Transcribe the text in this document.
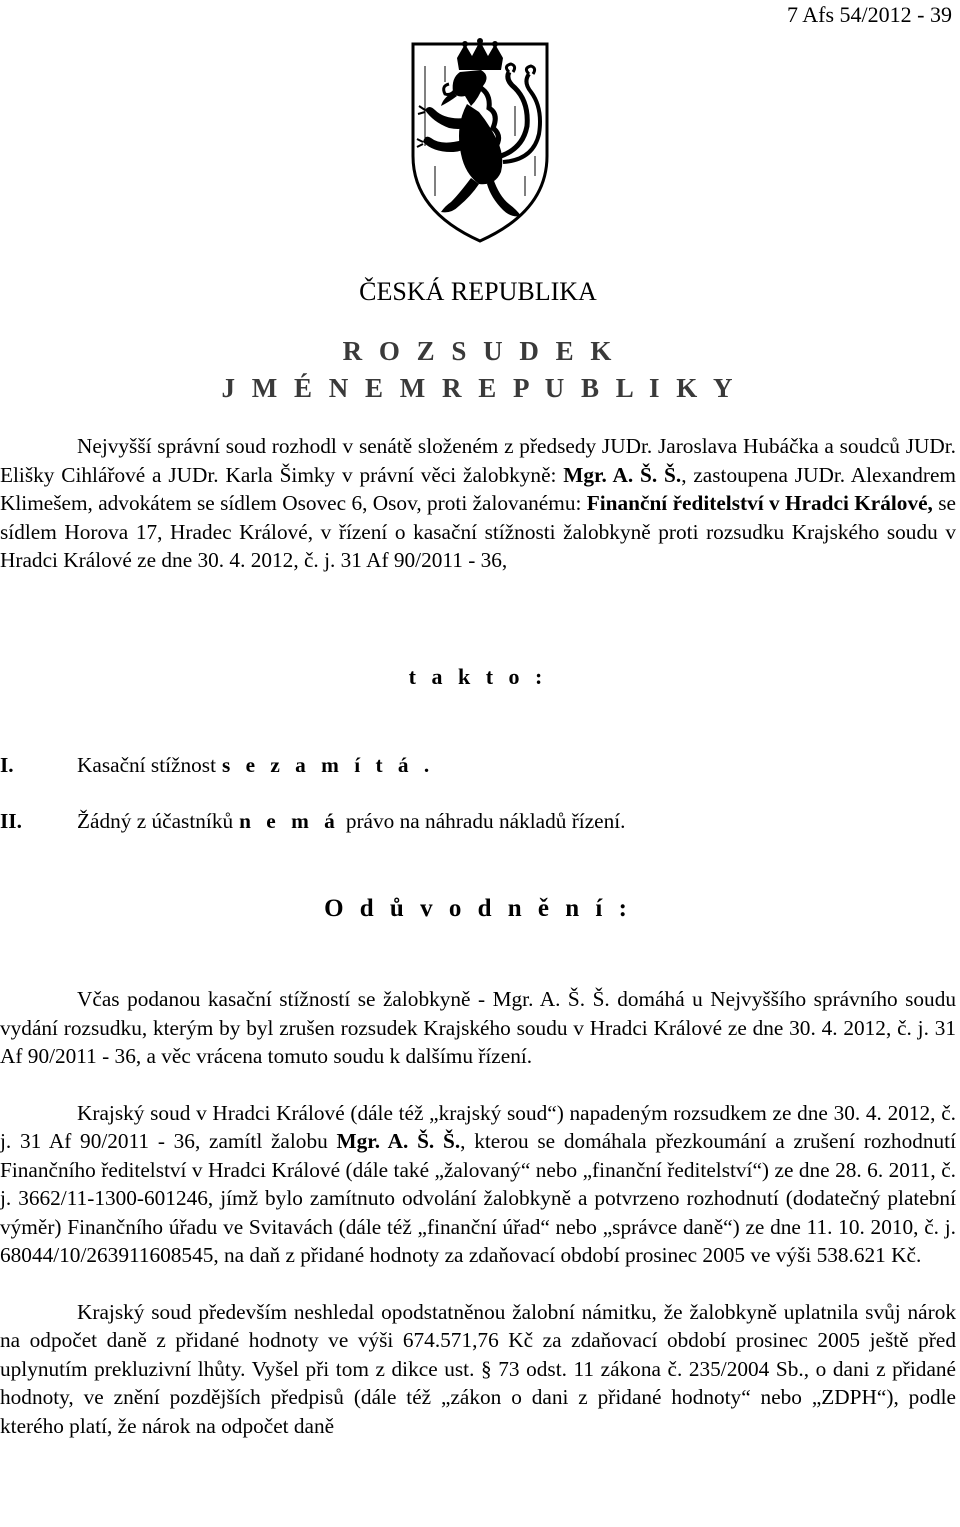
7 Afs 54/2012 - 39
ČESKÁ REPUBLIKA
R O Z S U D E K
J M É N E M R E P U B L I K Y

Nejvyšší správní soud rozhodl v senátě složeném z předsedy JUDr. Jaroslava Hubáčka a soudců JUDr. Elišky Cihlářové a JUDr. Karla Šimky v právní věci žalobkyně: Mgr. A. Š. Š., zastoupena JUDr. Alexandrem Klimešem, advokátem se sídlem Osovec 6, Osov, proti žalovanému: Finanční ředitelství v Hradci Králové, se sídlem Horova 17, Hradec Králové, v řízení o kasační stížnosti žalobkyně proti rozsudku Krajského soudu v Hradci Králové ze dne 30. 4. 2012, č. j. 31 Af 90/2011 - 36,

t a k t o :
I.	Kasační stížnost s e z a m í t á .
II.	Žádný z účastníků n e m á právo na náhradu nákladů řízení.
O d ů v o d n ě n í :

Včas podanou kasační stížností se žalobkyně - Mgr. A. Š. Š. domáhá u Nejvyššího správního soudu vydání rozsudku, kterým by byl zrušen rozsudek Krajského soudu v Hradci Králové ze dne 30. 4. 2012, č. j. 31 Af 90/2011 - 36, a věc vrácena tomuto soudu k dalšímu řízení.

Krajský soud v Hradci Králové (dále též „krajský soud“) napadeným rozsudkem ze dne 30. 4. 2012, č. j. 31 Af 90/2011 - 36, zamítl žalobu Mgr. A. Š. Š., kterou se domáhala přezkoumání a zrušení rozhodnutí Finančního ředitelství v Hradci Králové (dále také „žalovaný“ nebo „finanční ředitelství“) ze dne 28. 6. 2011, č. j. 3662/11-1300-601246, jímž bylo zamítnuto odvolání žalobkyně a potvrzeno rozhodnutí (dodatečný platební výměr) Finančního úřadu ve Svitavách (dále též „finanční úřad“ nebo „správce daně“) ze dne 11. 10. 2010, č. j. 68044/10/263911608545, na daň z přidané hodnoty za zdaňovací období prosinec 2005 ve výši 538.621 Kč.

Krajský soud především neshledal opodstatněnou žalobní námitku, že žalobkyně uplatnila svůj nárok na odpočet daně z přidané hodnoty ve výši 674.571,76 Kč za zdaňovací období prosinec 2005 ještě před uplynutím prekluzivní lhůty. Vyšel při tom z dikce ust. § 73 odst. 11 zákona č. 235/2004 Sb., o dani z přidané hodnoty, ve znění pozdějších předpisů (dále též „zákon o dani z přidané hodnoty“ nebo „ZDPH“), podle kterého platí, že nárok na odpočet daně
